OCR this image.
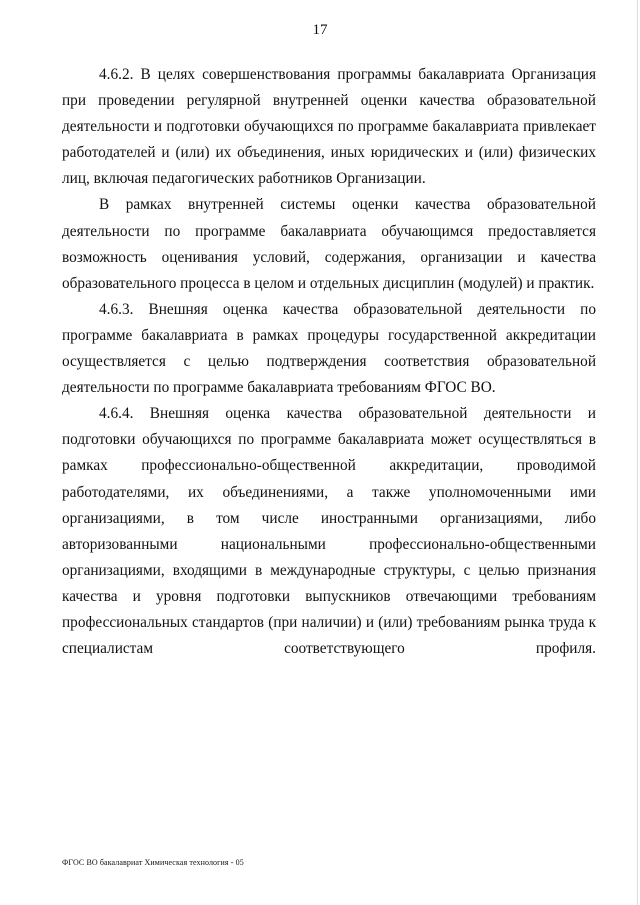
17

4.6.2. В целях совершенствования программы бакалавриата Организация при проведении регулярной внутренней оценки качества образовательной деятельности и подготовки обучающихся по программе бакалавриата привлекает работодателей и (или) их объединения, иных юридических и (или) физических лиц, включая педагогических работников Организации.

В рамках внутренней системы оценки качества образовательной деятельности по программе бакалавриата обучающимся предоставляется возможность оценивания условий, содержания, организации и качества образовательного процесса в целом и отдельных дисциплин (модулей) и практик.

4.6.3. Внешняя оценка качества образовательной деятельности по программе бакалавриата в рамках процедуры государственной аккредитации осуществляется с целью подтверждения соответствия образовательной деятельности по программе бакалавриата требованиям ФГОС ВО.

4.6.4. Внешняя оценка качества образовательной деятельности и подготовки обучающихся по программе бакалавриата может осуществляться в рамках профессионально-общественной аккредитации, проводимой работодателями, их объединениями, а также уполномоченными ими организациями, в том числе иностранными организациями, либо авторизованными национальными профессионально-общественными организациями, входящими в международные структуры, с целью признания качества и уровня подготовки выпускников отвечающими требованиям профессиональных стандартов (при наличии) и (или) требованиям рынка труда к специалистам соответствующего профиля.

ФГОС ВО бакалавриат Химическая технология - 05
